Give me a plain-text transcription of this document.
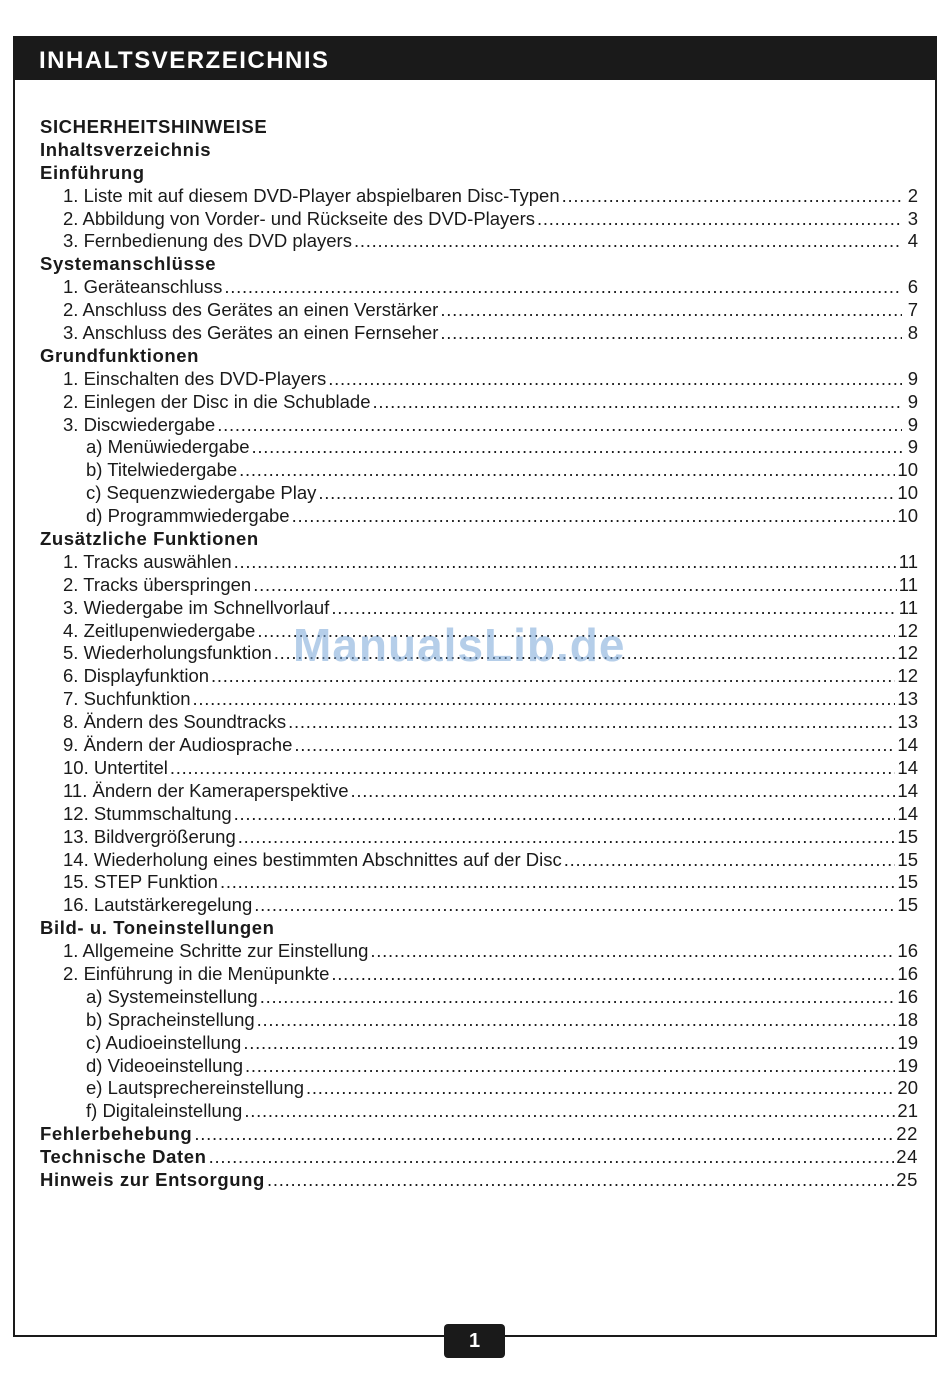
INHALTSVERZEICHNIS
SICHERHEITSHINWEISE
Inhaltsverzeichnis
Einführung
1. Liste mit auf diesem DVD-Player abspielbaren Disc-Typen . . .	2
2. Abbildung von Vorder- und Rückseite des DVD-Players . . .	3
3. Fernbedienung des DVD players . . .	4
Systemanschlüsse
1. Geräteanschluss . . .	6
2. Anschluss des Gerätes an einen Verstärker . . .	7
3. Anschluss des Gerätes an einen Fernseher . . .	8
Grundfunktionen
1. Einschalten des DVD-Players . . .	9
2. Einlegen der Disc in die Schublade . . .	9
3. Discwiedergabe . . .	9
a) Menüwiedergabe . . .	9
b) Titelwiedergabe . . .	10
c) Sequenzwiedergabe Play . . .	10
d) Programmwiedergabe . . .	10
Zusätzliche Funktionen
1. Tracks auswählen . . .	11
2. Tracks überspringen . . .	11
3. Wiedergabe im Schnellvorlauf . . .	11
4. Zeitlupenwiedergabe . . .	12
5. Wiederholungsfunktion . . .	12
6. Displayfunktion . . .	12
7. Suchfunktion . . .	13
8. Ändern des Soundtracks . . .	13
9. Ändern der Audiosprache . . .	14
10. Untertitel . . .	14
11. Ändern der Kameraperspektive . . .	14
12. Stummschaltung . . .	14
13. Bildvergrößerung . . .	15
14. Wiederholung eines bestimmten Abschnittes auf der Disc . . .	15
15. STEP Funktion . . .	15
16. Lautstärkeregelung . . .	15
Bild- u. Toneinstellungen
1. Allgemeine Schritte zur Einstellung . . .	16
2. Einführung in die Menüpunkte . . .	16
a) Systemeinstellung . . .	16
b) Spracheinstellung . . .	18
c) Audioeinstellung . . .	19
d) Videoeinstellung . . .	19
e) Lautsprechereinstellung . . .	20
f) Digitaleinstellung . . .	21
Fehlerbehebung . . .	22
Technische Daten . . .	24
Hinweis zur Entsorgung . . .	25
ManualsLib.de
1
